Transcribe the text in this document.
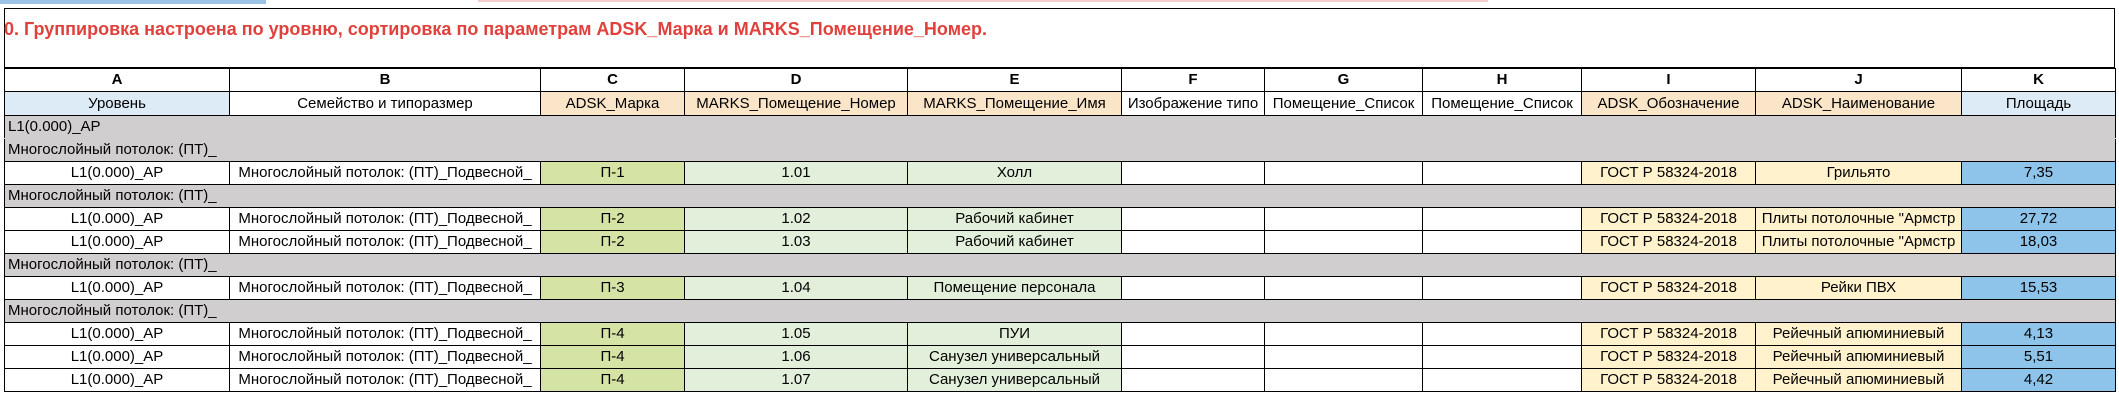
0. Группировка настроена по уровню, сортировка по параметрам ADSK_Марка и MARKS_Помещение_Номер.
A	B	C	D	E	F	G	H	I	J	K
Уровень	Семейство и типоразмер	ADSK_Марка	MARKS_Помещение_Номер	MARKS_Помещение_Имя	Изображение типо	Помещение_Список	Помещение_Список	ADSK_Обозначение	ADSK_Наименование	Площадь
L1(0.000)_AP										
Многослойный потолок: (ПТ)_										
L1(0.000)_AP	Многослойный потолок: (ПТ)_Подвесной_	П-1	1.01	Холл				ГОСТ Р 58324-2018	Грильято	7,35
Многослойный потолок: (ПТ)_										
L1(0.000)_AP	Многослойный потолок: (ПТ)_Подвесной_	П-2	1.02	Рабочий кабинет				ГОСТ Р 58324-2018	Плиты потолочные "Армстр	27,72
L1(0.000)_AP	Многослойный потолок: (ПТ)_Подвесной_	П-2	1.03	Рабочий кабинет				ГОСТ Р 58324-2018	Плиты потолочные "Армстр	18,03
Многослойный потолок: (ПТ)_										
L1(0.000)_AP	Многослойный потолок: (ПТ)_Подвесной_	П-3	1.04	Помещение персонала				ГОСТ Р 58324-2018	Рейки ПВХ	15,53
Многослойный потолок: (ПТ)_										
L1(0.000)_AP	Многослойный потолок: (ПТ)_Подвесной_	П-4	1.05	ПУИ				ГОСТ Р 58324-2018	Рейечный апюминиевый	4,13
L1(0.000)_AP	Многослойный потолок: (ПТ)_Подвесной_	П-4	1.06	Санузел универсальный				ГОСТ Р 58324-2018	Рейечный апюминиевый	5,51
L1(0.000)_AP	Многослойный потолок: (ПТ)_Подвесной_	П-4	1.07	Санузел универсальный				ГОСТ Р 58324-2018	Рейечный апюминиевый	4,42
